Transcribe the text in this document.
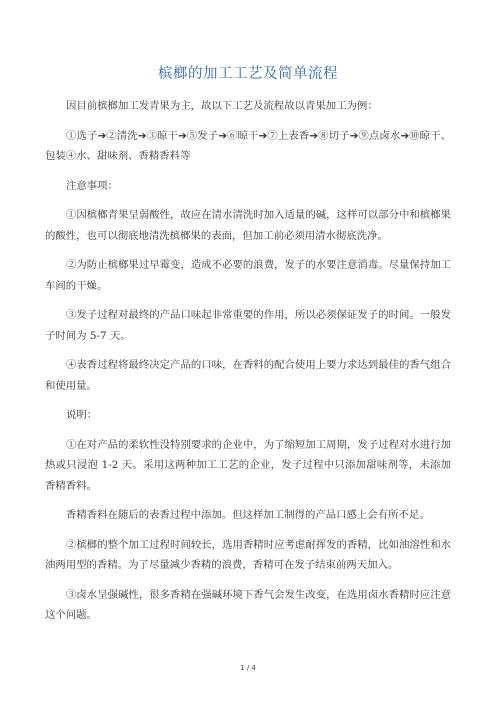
槟榔的加工工艺及简单流程

因目前槟榔加工发青果为主，故以下工艺及流程故以青果加工为例：

①选子➔②清洗➔③晾干➔⑤发子➔⑥晾干➔⑦上表香➔⑧切子➔⑨点卤水➔⑩晾干、包装④水、甜味剂、香精香料等

注意事项：

①因槟榔青果呈弱酸性，故应在清水清洗时加入适量的碱，这样可以部分中和槟榔果的酸性，也可以彻底地清洗槟榔果的表面，但加工前必须用清水彻底洗净。

②为防止槟榔果过早霉变，造成不必要的浪费，发子的水要注意消毒。尽量保持加工车间的干燥。

③发子过程对最终的产品口味起非常重要的作用，所以必须保证发子的时间。一般发子时间为 5-7 天。

④表香过程将最终决定产品的口味，在香料的配合使用上要力求达到最佳的香气组合和使用量。

说明：

①在对产品的柔软性没特别要求的企业中，为了缩短加工周期，发子过程对水进行加热或只浸泡 1-2 天。采用这两种加工工艺的企业，发子过程中只添加甜味剂等，未添加香精香料。

香精香料在随后的表香过程中添加。但这样加工制得的产品口感上会有所不足。

②槟榔的整个加工过程时间较长，选用香精时应考虑耐挥发的香精，比如油溶性和水油两用型的香精。为了尽量减少香精的浪费，香精可在发子结束前两天加入。

③卤水呈强碱性，很多香精在强碱环境下香气会发生改变，在选用卤水香精时应注意这个问题。

1 / 4
